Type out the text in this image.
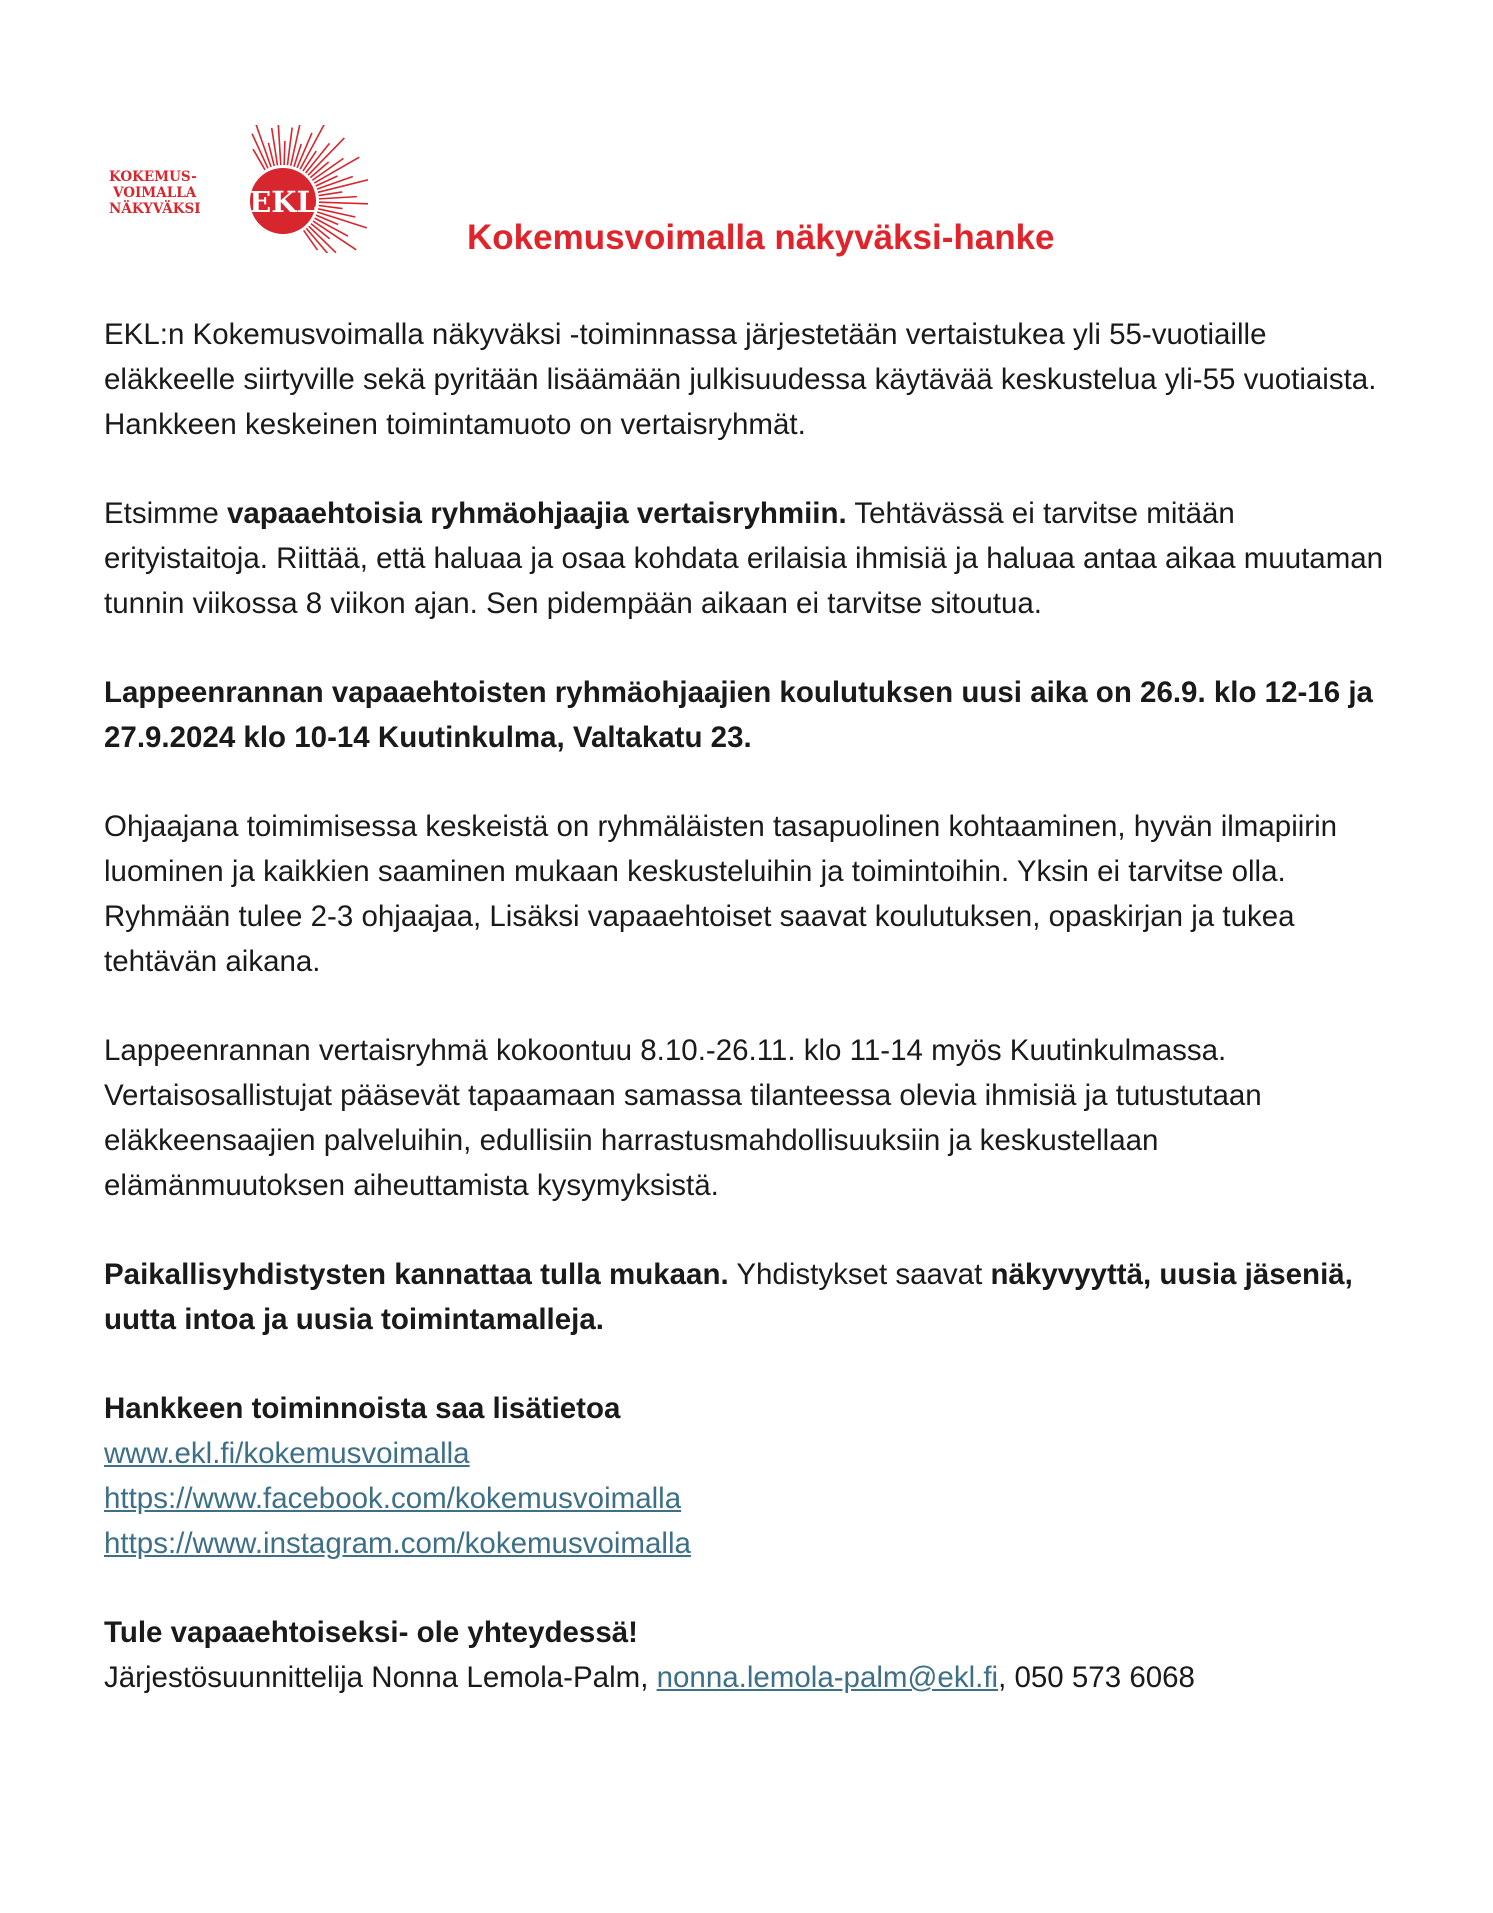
EKL
KOKEMUS-
VOIMALLA
NÄKYVÄKSI
Kokemusvoimalla näkyväksi-hanke

EKL:n Kokemusvoimalla näkyväksi -toiminnassa järjestetään vertaistukea yli 55-vuotiaille eläkkeelle siirtyville sekä pyritään lisäämään julkisuudessa käytävää keskustelua yli-55 vuotiaista. Hankkeen keskeinen toimintamuoto on vertaisryhmät.

Etsimme vapaaehtoisia ryhmäohjaajia vertaisryhmiin. Tehtävässä ei tarvitse mitään erityistaitoja. Riittää, että haluaa ja osaa kohdata erilaisia ihmisiä ja haluaa antaa aikaa muutaman tunnin viikossa 8 viikon ajan. Sen pidempään aikaan ei tarvitse sitoutua.

Lappeenrannan vapaaehtoisten ryhmäohjaajien koulutuksen uusi aika on 26.9. klo 12-16 ja 27.9.2024 klo 10-14 Kuutinkulma, Valtakatu 23.

Ohjaajana toimimisessa keskeistä on ryhmäläisten tasapuolinen kohtaaminen, hyvän ilmapiirin luominen ja kaikkien saaminen mukaan keskusteluihin ja toimintoihin. Yksin ei tarvitse olla. Ryhmään tulee 2-3 ohjaajaa, Lisäksi vapaaehtoiset saavat koulutuksen, opaskirjan ja tukea tehtävän aikana.

Lappeenrannan vertaisryhmä kokoontuu 8.10.-26.11. klo 11-14 myös Kuutinkulmassa. Vertaisosallistujat pääsevät tapaamaan samassa tilanteessa olevia ihmisiä ja tutustutaan eläkkeensaajien palveluihin, edullisiin harrastusmahdollisuuksiin ja keskustellaan elämänmuutoksen aiheuttamista kysymyksistä.

Paikallisyhdistysten kannattaa tulla mukaan. Yhdistykset saavat näkyvyyttä, uusia jäseniä, uutta intoa ja uusia toimintamalleja.

Hankkeen toiminnoista saa lisätietoa
www.ekl.fi/kokemusvoimalla
https://www.facebook.com/kokemusvoimalla
https://www.instagram.com/kokemusvoimalla

Tule vapaaehtoiseksi- ole yhteydessä!
Järjestösuunnittelija Nonna Lemola-Palm, nonna.lemola-palm@ekl.fi, 050 573 6068
